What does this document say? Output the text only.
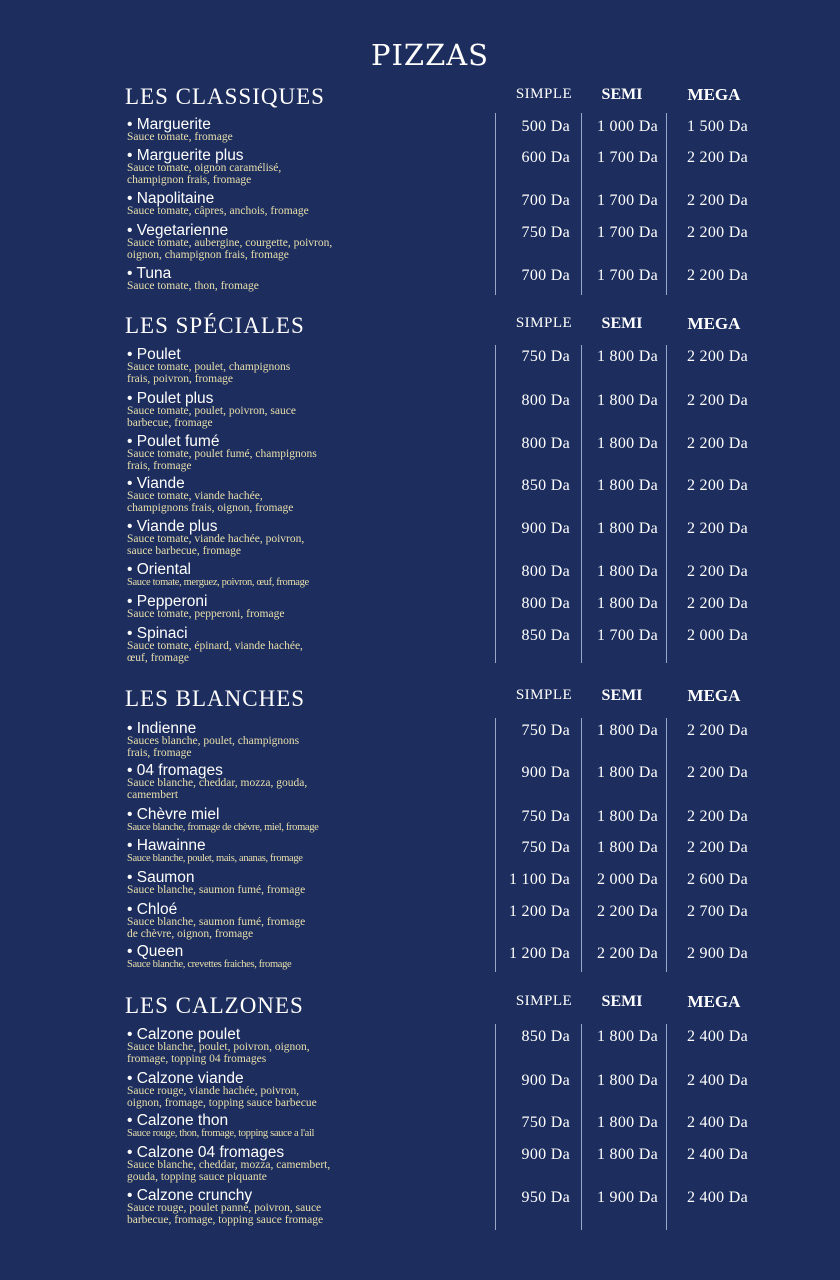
PIZZAS
LES CLASSIQUES	SIMPLE	SEMI	MEGA
• Marguerite
Sauce tomate, fromage
500 Da	1 000 Da	1 500 Da
• Marguerite plus
Sauce tomate, oignon caramélisé,
champignon frais, fromage
600 Da	1 700 Da	2 200 Da
• Napolitaine
Sauce tomate, câpres, anchois, fromage
700 Da	1 700 Da	2 200 Da
• Vegetarienne
Sauce tomate, aubergine, courgette, poivron,
oignon, champignon frais, fromage
750 Da	1 700 Da	2 200 Da
• Tuna
Sauce tomate, thon, fromage
700 Da	1 700 Da	2 200 Da
LES SPÉCIALES	SIMPLE	SEMI	MEGA
• Poulet
Sauce tomate, poulet, champignons
frais, poivron, fromage
750 Da	1 800 Da	2 200 Da
• Poulet plus
Sauce tomate, poulet, poivron, sauce
barbecue, fromage
800 Da	1 800 Da	2 200 Da
• Poulet fumé
Sauce tomate, poulet fumé, champignons
frais, fromage
800 Da	1 800 Da	2 200 Da
• Viande
Sauce tomate, viande hachée,
champignons frais, oignon, fromage
850 Da	1 800 Da	2 200 Da
• Viande plus
Sauce tomate, viande hachée, poivron,
sauce barbecue, fromage
900 Da	1 800 Da	2 200 Da
• Oriental
Sauce tomate, merguez, poivron, œuf, fromage
800 Da	1 800 Da	2 200 Da
• Pepperoni
Sauce tomate, pepperoni, fromage
800 Da	1 800 Da	2 200 Da
• Spinaci
Sauce tomate, épinard, viande hachée,
œuf, fromage
850 Da	1 700 Da	2 000 Da
LES BLANCHES	SIMPLE	SEMI	MEGA
• Indienne
Sauces blanche, poulet, champignons
frais, fromage
750 Da	1 800 Da	2 200 Da
• 04 fromages
Sauce blanche, cheddar, mozza, gouda,
camembert
900 Da	1 800 Da	2 200 Da
• Chèvre miel
Sauce blanche, fromage de chèvre, miel, fromage
750 Da	1 800 Da	2 200 Da
• Hawainne
Sauce blanche, poulet, mais, ananas, fromage
750 Da	1 800 Da	2 200 Da
• Saumon
Sauce blanche, saumon fumé, fromage
1 100 Da	2 000 Da	2 600 Da
• Chloé
Sauce blanche, saumon fumé, fromage
de chèvre, oignon, fromage
1 200 Da	2 200 Da	2 700 Da
• Queen
Sauce blanche, crevettes fraiches, fromage
1 200 Da	2 200 Da	2 900 Da
LES CALZONES	SIMPLE	SEMI	MEGA
• Calzone poulet
Sauce blanche, poulet, poivron, oignon,
fromage, topping 04 fromages
850 Da	1 800 Da	2 400 Da
• Calzone viande
Sauce rouge, viande hachée, poivron,
oignon, fromage, topping sauce barbecue
900 Da	1 800 Da	2 400 Da
• Calzone thon
Sauce rouge, thon, fromage, topping sauce a l'ail
750 Da	1 800 Da	2 400 Da
• Calzone 04 fromages
Sauce blanche, cheddar, mozza, camembert,
gouda, topping sauce piquante
900 Da	1 800 Da	2 400 Da
• Calzone crunchy
Sauce rouge, poulet panné, poivron, sauce
barbecue, fromage, topping sauce fromage
950 Da	1 900 Da	2 400 Da
